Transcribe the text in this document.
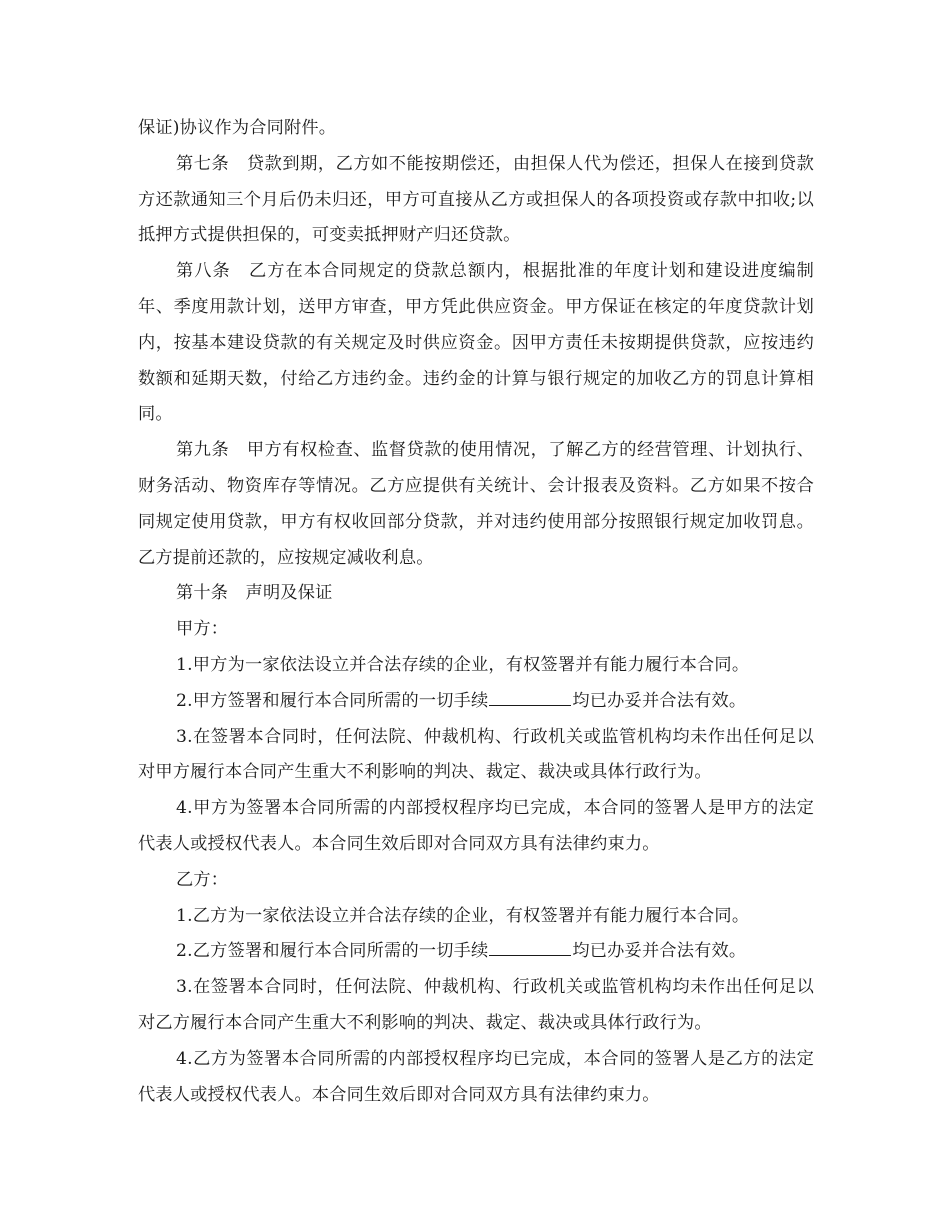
保证)协议作为合同附件。

第七条　贷款到期，乙方如不能按期偿还，由担保人代为偿还，担保人在接到贷款方还款通知三个月后仍未归还，甲方可直接从乙方或担保人的各项投资或存款中扣收;以抵押方式提供担保的，可变卖抵押财产归还贷款。

第八条　乙方在本合同规定的贷款总额内，根据批准的年度计划和建设进度编制年、季度用款计划，送甲方审查，甲方凭此供应资金。甲方保证在核定的年度贷款计划内，按基本建设贷款的有关规定及时供应资金。因甲方责任未按期提供贷款，应按违约数额和延期天数，付给乙方违约金。违约金的计算与银行规定的加收乙方的罚息计算相同。

第九条　甲方有权检查、监督贷款的使用情况，了解乙方的经营管理、计划执行、财务活动、物资库存等情况。乙方应提供有关统计、会计报表及资料。乙方如果不按合同规定使用贷款，甲方有权收回部分贷款，并对违约使用部分按照银行规定加收罚息。乙方提前还款的，应按规定减收利息。

第十条　声明及保证

甲方：

1.甲方为一家依法设立并合法存续的企业，有权签署并有能力履行本合同。

2.甲方签署和履行本合同所需的一切手续	均已办妥并合法有效。

3.在签署本合同时，任何法院、仲裁机构、行政机关或监管机构均未作出任何足以对甲方履行本合同产生重大不利影响的判决、裁定、裁决或具体行政行为。

4.甲方为签署本合同所需的内部授权程序均已完成，本合同的签署人是甲方的法定代表人或授权代表人。本合同生效后即对合同双方具有法律约束力。

乙方：

1.乙方为一家依法设立并合法存续的企业，有权签署并有能力履行本合同。

2.乙方签署和履行本合同所需的一切手续	均已办妥并合法有效。

3.在签署本合同时，任何法院、仲裁机构、行政机关或监管机构均未作出任何足以对乙方履行本合同产生重大不利影响的判决、裁定、裁决或具体行政行为。

4.乙方为签署本合同所需的内部授权程序均已完成，本合同的签署人是乙方的法定代表人或授权代表人。本合同生效后即对合同双方具有法律约束力。
